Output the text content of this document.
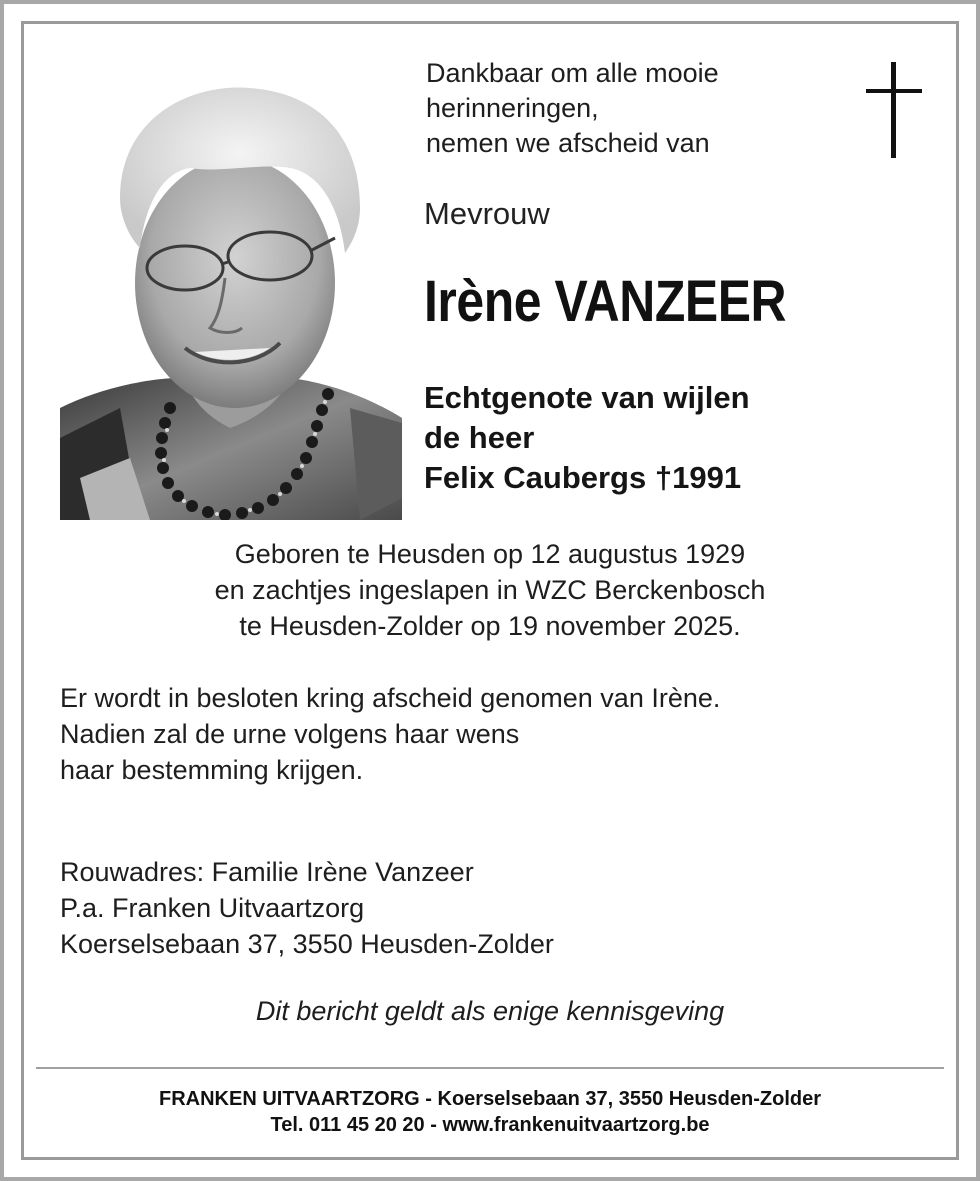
Dankbaar om alle mooie
herinneringen,
nemen we afscheid van
Mevrouw
Irène VANZEER
Echtgenote van wijlen
de heer
Felix Caubergs †1991
Geboren te Heusden op 12 augustus 1929
en zachtjes ingeslapen in WZC Berckenbosch
te Heusden-Zolder op 19 november 2025.
Er wordt in besloten kring afscheid genomen van Irène.
Nadien zal de urne volgens haar wens
haar bestemming krijgen.
Rouwadres: Familie Irène Vanzeer
P.a. Franken Uitvaartzorg
Koerselsebaan 37, 3550 Heusden-Zolder
Dit bericht geldt als enige kennisgeving
FRANKEN UITVAARTZORG - Koerselsebaan 37, 3550 Heusden-Zolder
Tel. 011 45 20 20 - www.frankenuitvaartzorg.be
